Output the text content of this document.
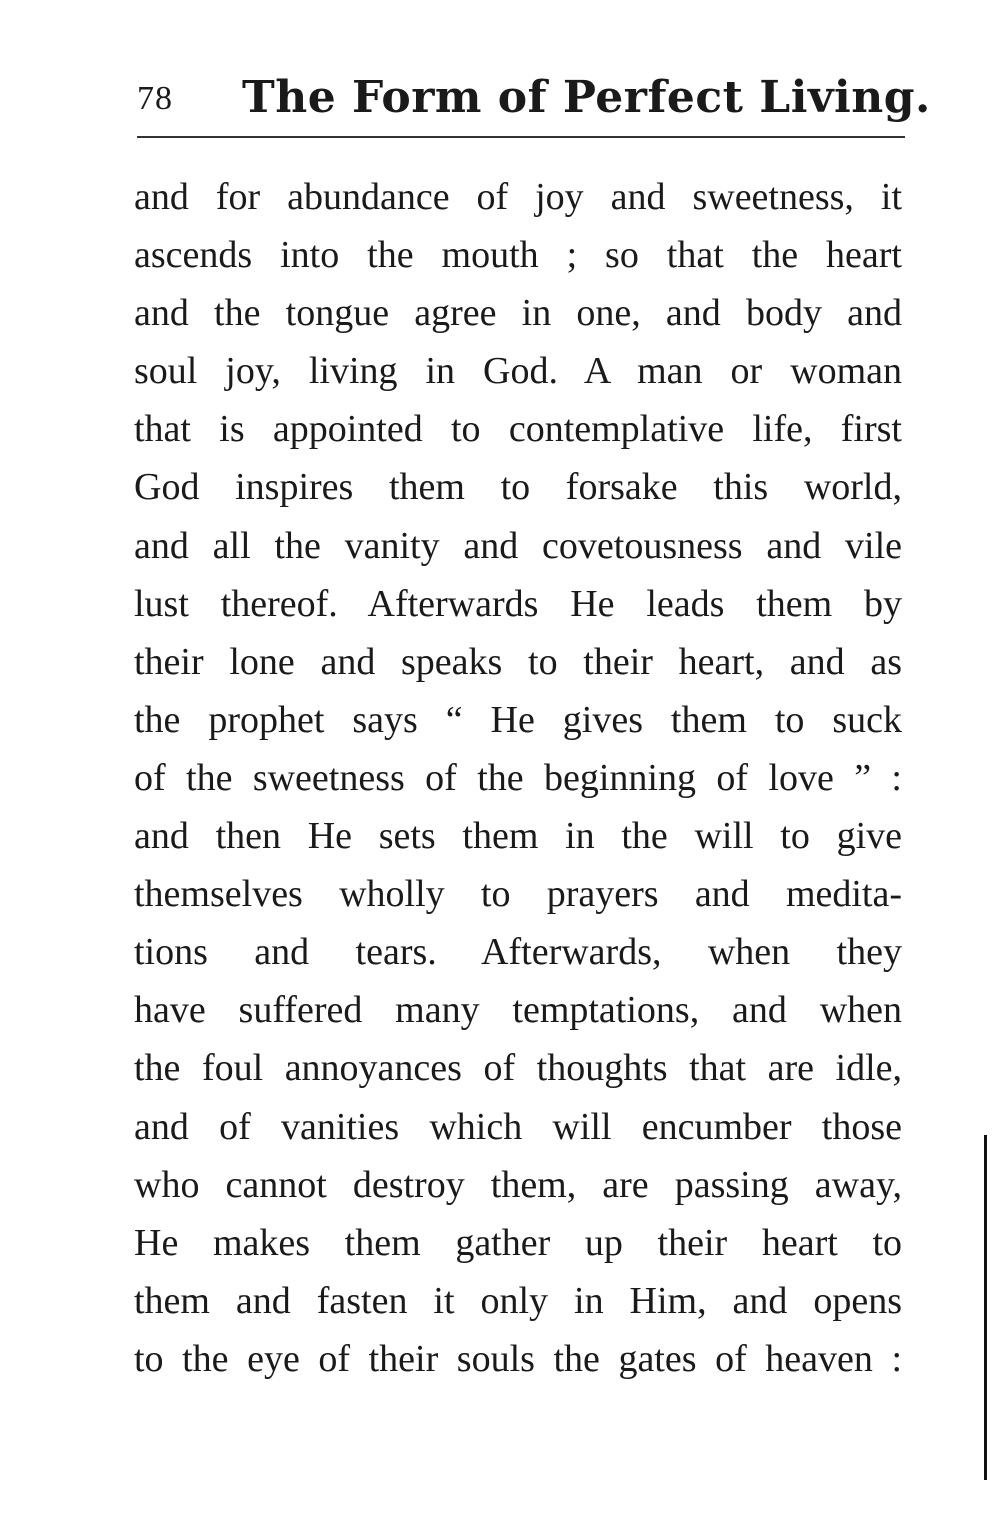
78 The Form of Perfect Living.
and for abundance of joy and sweetness, it
ascends into the mouth ; so that the heart
and the tongue agree in one, and body and
soul joy, living in God. A man or woman
that is appointed to contemplative life, first
God inspires them to forsake this world,
and all the vanity and covetousness and vile
lust thereof. Afterwards He leads them by
their lone and speaks to their heart, and as
the prophet says “ He gives them to suck
of the sweetness of the beginning of love ” :
and then He sets them in the will to give
themselves wholly to prayers and medita-
tions and tears. Afterwards, when they
have suffered many temptations, and when
the foul annoyances of thoughts that are idle,
and of vanities which will encumber those
who cannot destroy them, are passing away,
He makes them gather up their heart to
them and fasten it only in Him, and opens
to the eye of their souls the gates of heaven :
